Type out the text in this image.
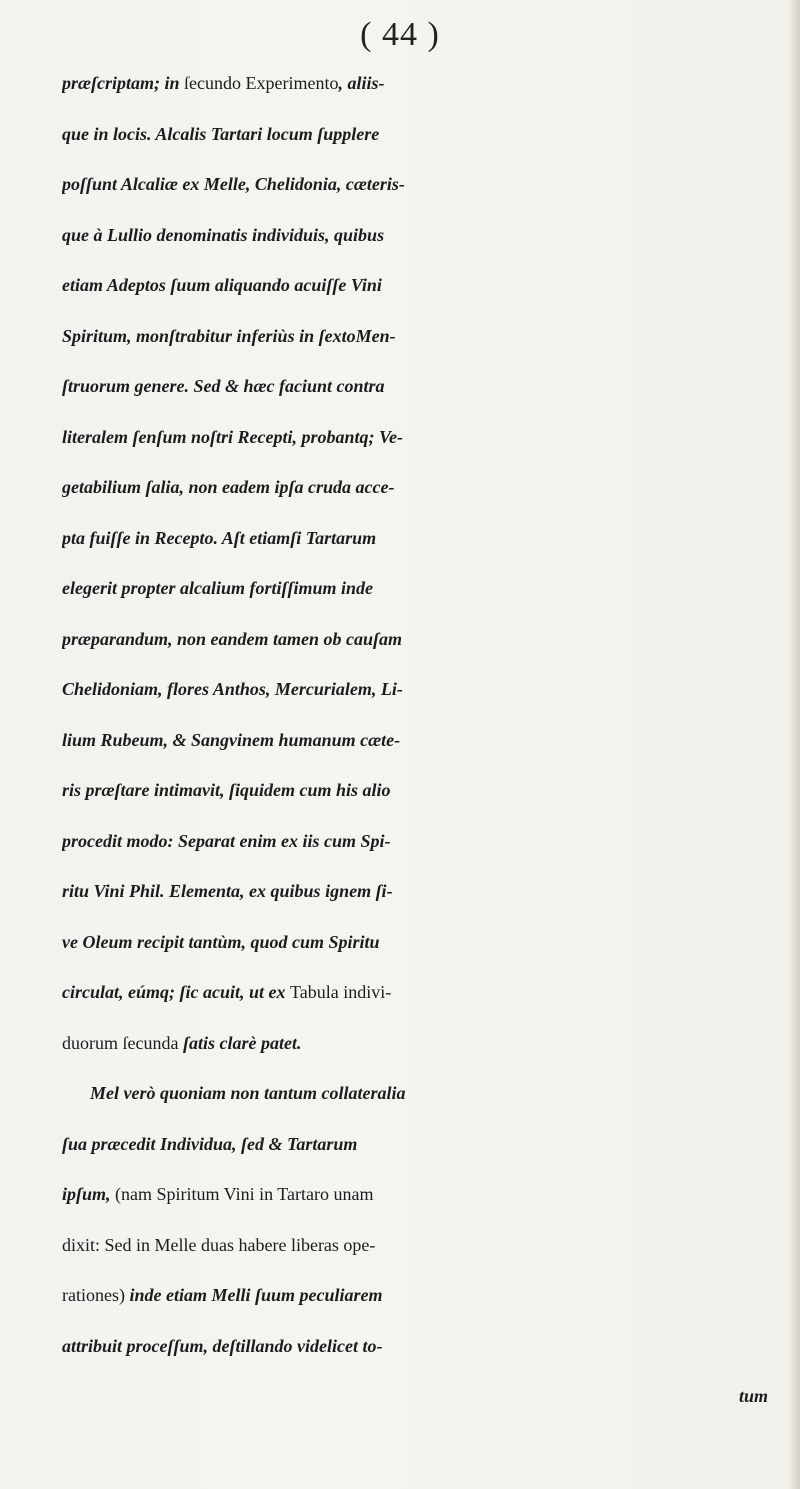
( 44 )
præſcriptam; in ſecundo Experimento, aliis-
que in locis. Alcalis Tartari locum ſupplere
poſſunt Alcaliæ ex Melle, Chelidonia, cæteris-
que à Lullio denominatis individuis, quibus
etiam Adeptos ſuum aliquando acuiſſe Vini
Spiritum, monſtrabitur inferiùs in ſextoMen-
ſtruorum genere. Sed & hæc faciunt contra
literalem ſenſum noſtri Recepti, probantq; Ve-
getabilium ſalia, non eadem ipſa cruda acce-
pta fuiſſe in Recepto. Aſt etiamſi Tartarum
elegerit propter alcalium fortiſſimum inde
præparandum, non eandem tamen ob cauſam
Chelidoniam, flores Anthos, Mercurialem, Li-
lium Rubeum, & Sangvinem humanum cæte-
ris præſtare intimavit, ſiquidem cum his alio
procedit modo: Separat enim ex iis cum Spi-
ritu Vini Phil. Elementa, ex quibus ignem ſi-
ve Oleum recipit tantùm, quod cum Spiritu
circulat, eúmq; ſic acuit, ut ex Tabula indivi-
duorum ſecunda ſatis clarè patet.
Mel verò quoniam non tantum collateralia
ſua præcedit Individua, ſed & Tartarum
ipſum, (nam Spiritum Vini in Tartaro unam
dixit: Sed in Melle duas habere liberas ope-
rationes) inde etiam Melli ſuum peculiarem
attribuit proceſſum, deſtillando videlicet to-
tum
